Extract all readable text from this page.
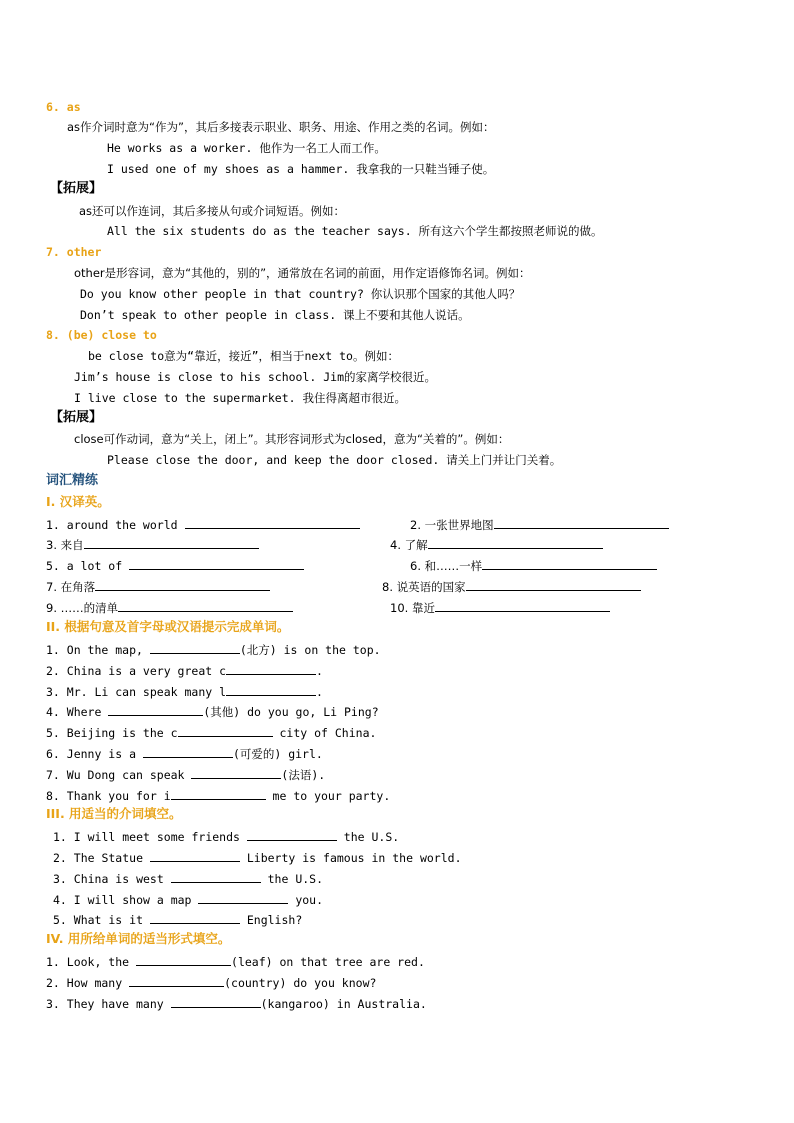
6. as
as作介词时意为“作为”，其后多接表示职业、职务、用途、作用之类的名词。例如：
He works as a worker. 他作为一名工人而工作。
I used one of my shoes as a hammer. 我拿我的一只鞋当锤子使。
【拓展】
as还可以作连词，其后多接从句或介词短语。例如：
All the six students do as the teacher says. 所有这六个学生都按照老师说的做。
7. other
other是形容词，意为“其他的，别的”，通常放在名词的前面，用作定语修饰名词。例如：
Do you know other people in that country? 你认识那个国家的其他人吗？
Don’t speak to other people in class. 课上不要和其他人说话。
8. (be) close to
be close to意为“靠近，接近”，相当于next to。例如：
Jim’s house is close to his school. Jim的家离学校很近。
I live close to the supermarket. 我住得离超市很近。
【拓展】
close可作动词，意为“关上，闭上”。其形容词形式为closed，意为“关着的”。例如：
Please close the door, and keep the door closed. 请关上门并让门关着。
词汇精练
I. 汉译英。
1. around the world	2. 一张世界地图
3. 来自	4. 了解
5. a lot of	6. 和……一样
7. 在角落	8. 说英语的国家
9. ……的清单	10. 靠近
II. 根据句意及首字母或汉语提示完成单词。
1. On the map,	(北方) is on the top.
2. China is a very great c	.
3. Mr. Li can speak many l	.
4. Where	(其他) do you go, Li Ping?
5. Beijing is the c	city of China.
6. Jenny is a	(可爱的) girl.
7. Wu Dong can speak	(法语).
8. Thank you for i	me to your party.
III. 用适当的介词填空。
1. I will meet some friends	the U.S.
2. The Statue	Liberty is famous in the world.
3. China is west	the U.S.
4. I will show a map	you.
5. What is it	English?
IV. 用所给单词的适当形式填空。
1. Look, the	(leaf) on that tree are red.
2. How many	(country) do you know?
3. They have many	(kangaroo) in Australia.
